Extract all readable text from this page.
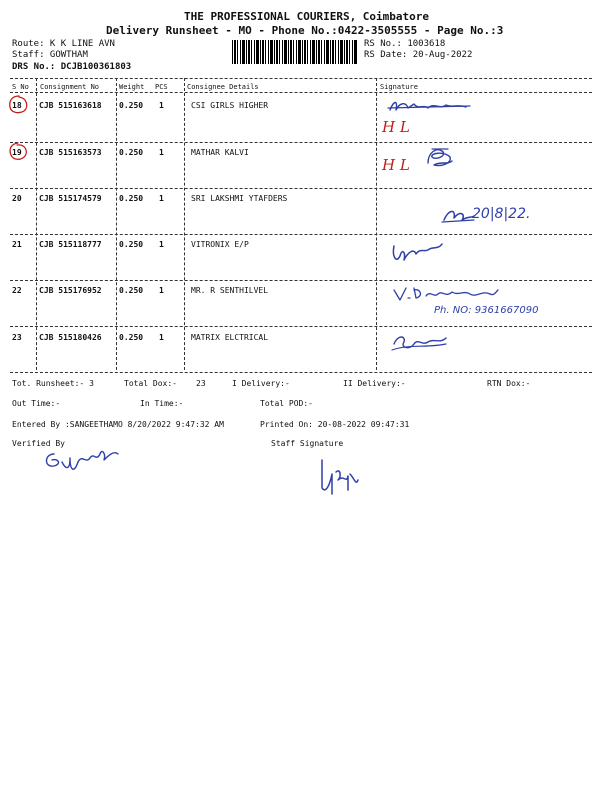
THE PROFESSIONAL COURIERS, Coimbatore
Delivery Runsheet - MO - Phone No.:0422-3505555 - Page No.:3
Route: K K LINE AVN
Staff: GOWTHAM
DRS No.: DCJB100361803
RS No.: 1003618
RS Date: 20-Aug-2022
S No Consignment No	Weight PCS	Consignee Details	Signature
18 CJB 515163618 0.250 1	CSI GIRLS HIGHER
19 CJB 515163573 0.250 1	MATHAR KALVI
20 CJB 515174579 0.250 1	SRI LAKSHMI YTAFDERS
21 CJB 515118777 0.250 1	VITRONIX E/P
22 CJB 515176952 0.250 1	MR. R SENTHILVEL
23 CJB 515180426 0.250 1	MATRIX ELCTRICAL
H L
H L
20|8|22.
Ph. NO: 9361667090
Tot. Runsheet:- 3	Total Dox:- 23	I Delivery:-	II Delivery:-	RTN Dox:-
Out Time:-	In Time:-	Total POD:-
Entered By :SANGEETHAMO 8/20/2022 9:47:32 AM	Printed On: 20-08-2022 09:47:31
Verified By	Staff Signature
